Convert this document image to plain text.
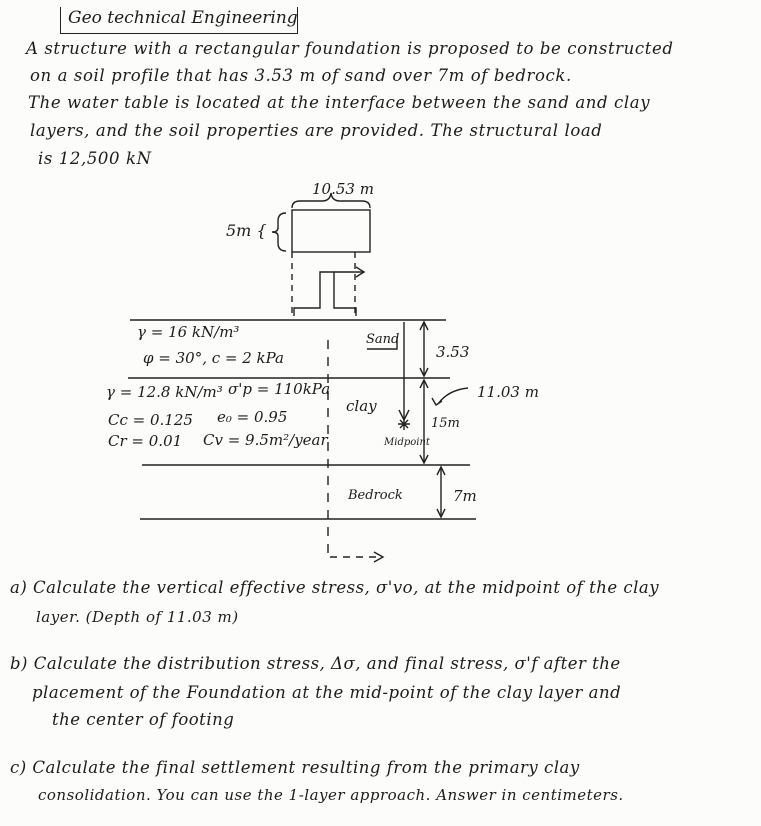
Geo technical Engineering
A structure with a rectangular foundation is proposed to be constructed
on a soil profile that has 3.53 m of sand over 7m of bedrock.
The water table is located at the interface between the sand and clay
layers, and the soil properties are provided. The structural load
is 12,500 kN
10.53 m
5m {
γ = 16 kN/m³
φ = 30°, c = 2 kPa
Sand
3.53
γ = 12.8 kN/m³ σ'p = 110kPa
Cc = 0.125 e₀ = 0.95
Cr = 0.01 Cv = 9.5m²/year
clay
11.03 m
15m
Midpoint
Bedrock	7m
a) Calculate the vertical effective stress, σ'vo, at the midpoint of the clay
layer. (Depth of 11.03 m)
b) Calculate the distribution stress, Δσ, and final stress, σ'f after the
placement of the Foundation at the mid-point of the clay layer and
the center of footing
c) Calculate the final settlement resulting from the primary clay
consolidation. You can use the 1-layer approach. Answer in centimeters.
